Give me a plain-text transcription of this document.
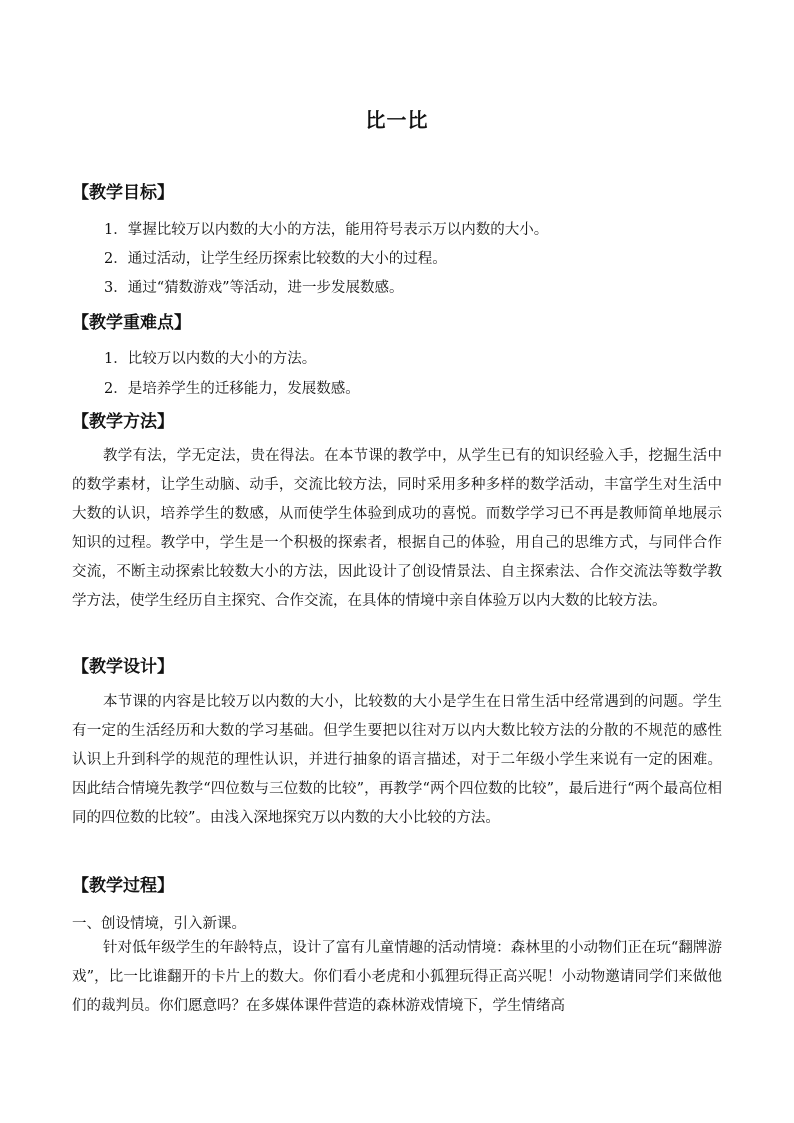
比一比
【教学目标】
1．掌握比较万以内数的大小的方法，能用符号表示万以内数的大小。
2．通过活动，让学生经历探索比较数的大小的过程。
3．通过“猜数游戏”等活动，进一步发展数感。
【教学重难点】
1．比较万以内数的大小的方法。
2．是培养学生的迁移能力，发展数感。
【教学方法】
教学有法，学无定法，贵在得法。在本节课的教学中，从学生已有的知识经验入手，挖掘生活中的数学素材，让学生动脑、动手，交流比较方法，同时采用多种多样的数学活动，丰富学生对生活中大数的认识，培养学生的数感，从而使学生体验到成功的喜悦。而数学学习已不再是教师简单地展示知识的过程。教学中，学生是一个积极的探索者，根据自己的体验，用自己的思维方式，与同伴合作交流，不断主动探索比较数大小的方法，因此设计了创设情景法、自主探索法、合作交流法等数学教学方法，使学生经历自主探究、合作交流，在具体的情境中亲自体验万以内大数的比较方法。
【教学设计】
本节课的内容是比较万以内数的大小，比较数的大小是学生在日常生活中经常遇到的问题。学生有一定的生活经历和大数的学习基础。但学生要把以往对万以内大数比较方法的分散的不规范的感性认识上升到科学的规范的理性认识，并进行抽象的语言描述，对于二年级小学生来说有一定的困难。因此结合情境先教学“四位数与三位数的比较”，再教学“两个四位数的比较”，最后进行“两个最高位相同的四位数的比较”。由浅入深地探究万以内数的大小比较的方法。
【教学过程】
一、创设情境，引入新课。
针对低年级学生的年龄特点，设计了富有儿童情趣的活动情境：森林里的小动物们正在玩“翻牌游戏”，比一比谁翻开的卡片上的数大。你们看小老虎和小狐狸玩得正高兴呢！小动物邀请同学们来做他们的裁判员。你们愿意吗？在多媒体课件营造的森林游戏情境下，学生情绪高
